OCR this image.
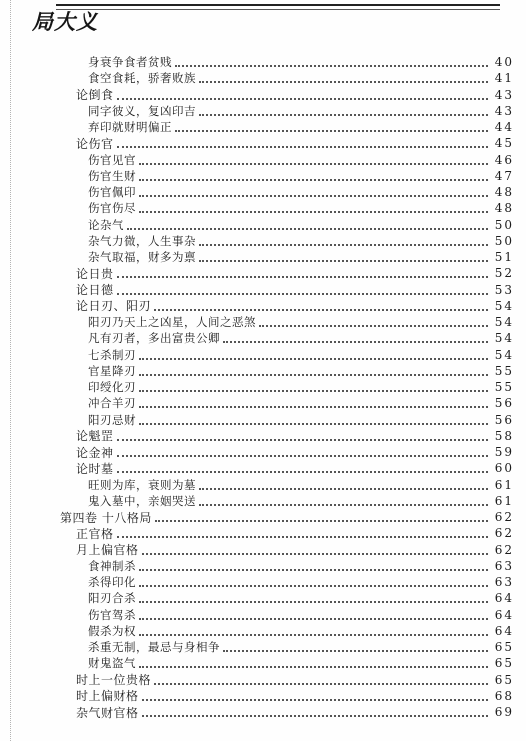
局大义
身衰争食者贫贱	40
食空食耗，骄奢败族	41
论倒食	43
同字彼义，复凶印吉	43
弃印就财明偏正	44
论伤官	45
伤官见官	46
伤官生财	47
伤官佩印	48
伤官伤尽	48
论杂气	50
杂气力微，人生事杂	50
杂气取福，财多为禀	51
论日贵	52
论日德	53
论日刃、阳刃	54
阳刃乃天上之凶星，人间之恶煞	54
凡有刃者，多出富贵公卿	54
七杀制刃	54
官星降刃	55
印绶化刃	55
冲合羊刃	56
阳刃忌财	56
论魁罡	58
论金神	59
论时墓	60
旺则为库，衰则为墓	61
鬼入墓中，亲姻哭送	61
第四卷 十八格局	62
正官格	62
月上偏官格	62
食神制杀	63
杀得印化	63
阳刃合杀	64
伤官驾杀	64
假杀为权	64
杀重无制，最忌与身相争	65
财鬼盗气	65
时上一位贵格	65
时上偏财格	68
杂气财官格	69
